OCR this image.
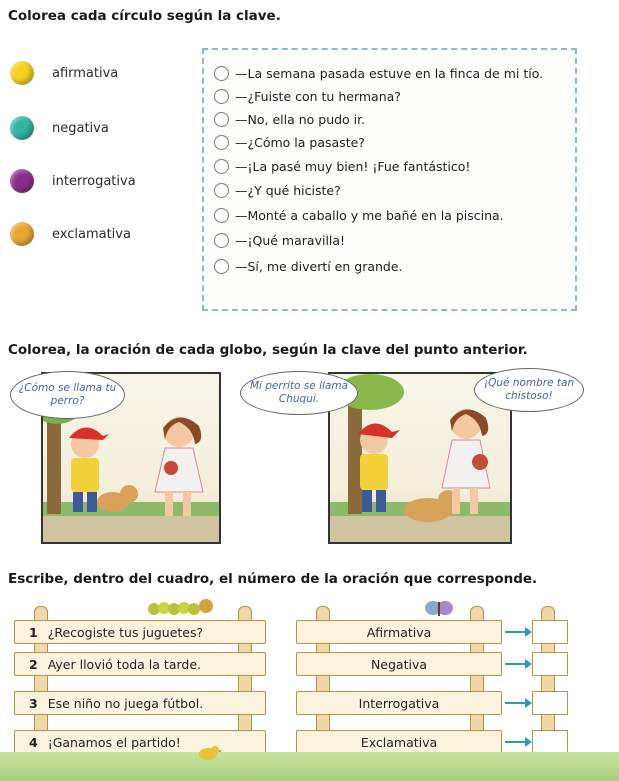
Colorea cada círculo según la clave.
afirmativa
negativa
interrogativa
exclamativa
—La semana pasada estuve en la finca de mi tío.
—¿Fuiste con tu hermana?
—No, ella no pudo ir.
—¿Cómo la pasaste?
—¡La pasé muy bien! ¡Fue fantástico!
—¿Y qué hiciste?
—Monté a caballo y me bañé en la piscina.
—¡Qué maravilla!
—Sí, me divertí en grande.
Colorea, la oración de cada globo, según la clave del punto anterior.
¿Cómo se llama tu perro?
Mi perrito se llama Chuqui.
¡Qué nombre tan chistoso!
Escribe, dentro del cuadro, el número de la oración que corresponde.
1 ¿Recogiste tus juguetes?
2 Ayer llovió toda la tarde.
3 Ese niño no juega fútbol.
4 ¡Ganamos el partido!
Afirmativa
Negativa
Interrogativa
Exclamativa
